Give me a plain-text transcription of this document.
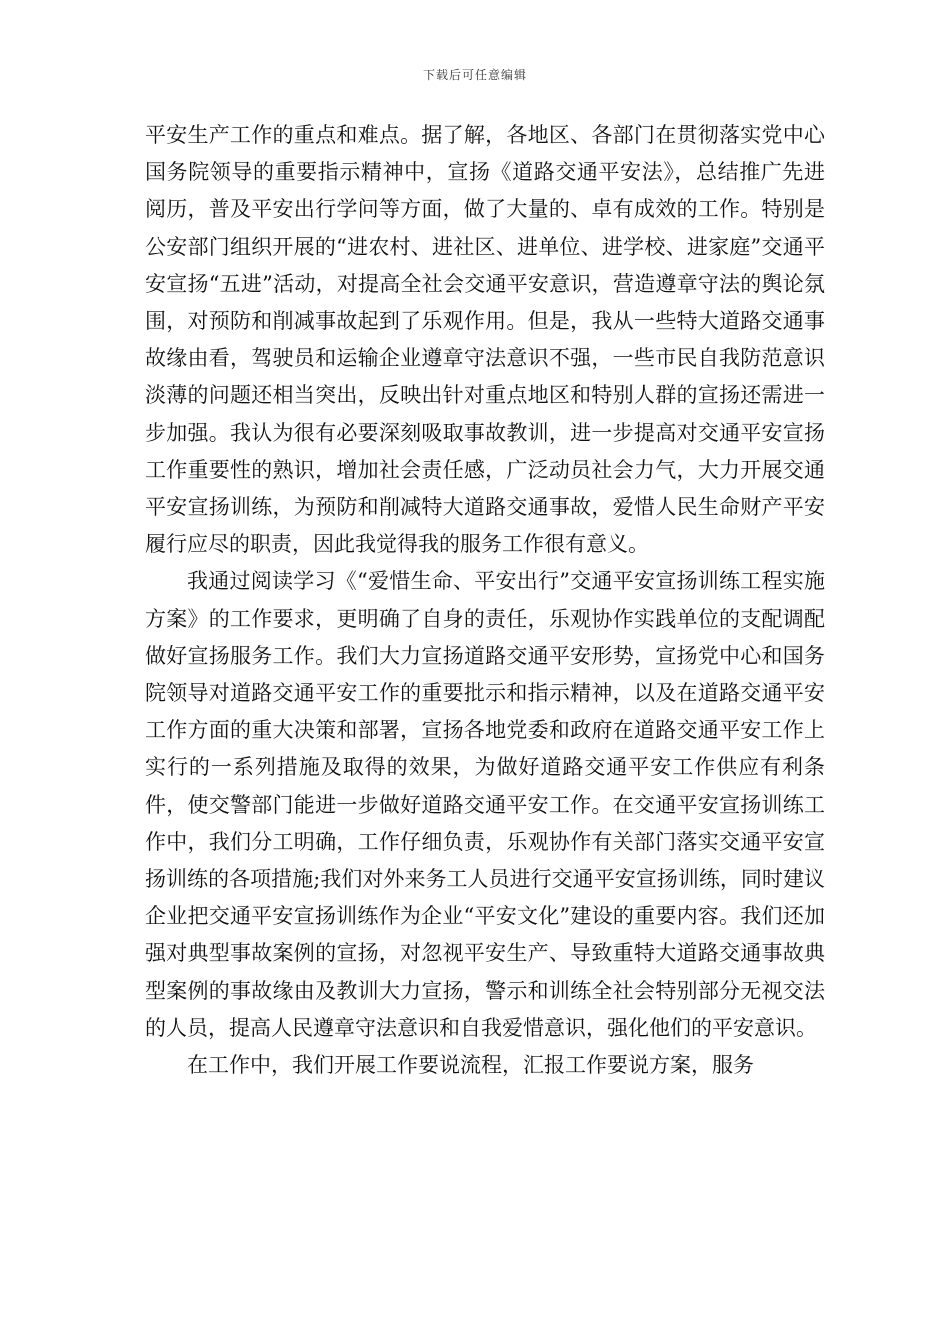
下载后可任意编辑

平安生产工作的重点和难点。据了解，各地区、各部门在贯彻落实党中心国务院领导的重要指示精神中，宣扬《道路交通平安法》，总结推广先进阅历，普及平安出行学问等方面，做了大量的、卓有成效的工作。特别是公安部门组织开展的“进农村、进社区、进单位、进学校、进家庭”交通平安宣扬“五进”活动，对提高全社会交通平安意识，营造遵章守法的舆论氛围，对预防和削减事故起到了乐观作用。但是，我从一些特大道路交通事故缘由看，驾驶员和运输企业遵章守法意识不强，一些市民自我防范意识淡薄的问题还相当突出，反映出针对重点地区和特别人群的宣扬还需进一步加强。我认为很有必要深刻吸取事故教训，进一步提高对交通平安宣扬工作重要性的熟识，增加社会责任感，广泛动员社会力气，大力开展交通平安宣扬训练，为预防和削减特大道路交通事故，爱惜人民生命财产平安履行应尽的职责，因此我觉得我的服务工作很有意义。

我通过阅读学习《“爱惜生命、平安出行”交通平安宣扬训练工程实施方案》的工作要求，更明确了自身的责任，乐观协作实践单位的支配调配做好宣扬服务工作。我们大力宣扬道路交通平安形势，宣扬党中心和国务院领导对道路交通平安工作的重要批示和指示精神，以及在道路交通平安工作方面的重大决策和部署，宣扬各地党委和政府在道路交通平安工作上实行的一系列措施及取得的效果，为做好道路交通平安工作供应有利条件，使交警部门能进一步做好道路交通平安工作。在交通平安宣扬训练工作中，我们分工明确，工作仔细负责，乐观协作有关部门落实交通平安宣扬训练的各项措施;我们对外来务工人员进行交通平安宣扬训练，同时建议企业把交通平安宣扬训练作为企业“平安文化”建设的重要内容。我们还加强对典型事故案例的宣扬，对忽视平安生产、导致重特大道路交通事故典型案例的事故缘由及教训大力宣扬，警示和训练全社会特别部分无视交法的人员，提高人民遵章守法意识和自我爱惜意识，强化他们的平安意识。

在工作中，我们开展工作要说流程，汇报工作要说方案，服务
